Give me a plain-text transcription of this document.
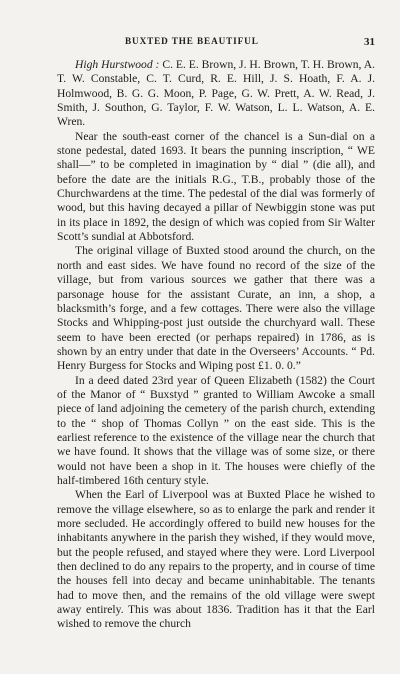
BUXTED THE BEAUTIFUL	31

High Hurstwood : C. E. E. Brown, J. H. Brown, T. H. Brown, A. T. W. Constable, C. T. Curd, R. E. Hill, J. S. Hoath, F. A. J. Holmwood, B. G. G. Moon, P. Page, G. W. Prett, A. W. Read, J. Smith, J. Southon, G. Taylor, F. W. Watson, L. L. Watson, A. E. Wren.

Near the south-east corner of the chancel is a Sun-dial on a stone pedestal, dated 1693. It bears the punning inscription, “ WE shall—” to be completed in imagination by “ dial ” (die all), and before the date are the initials R.G., T.B., probably those of the Churchwardens at the time. The pedestal of the dial was formerly of wood, but this having decayed a pillar of Newbiggin stone was put in its place in 1892, the design of which was copied from Sir Walter Scott’s sundial at Abbotsford.

The original village of Buxted stood around the church, on the north and east sides. We have found no record of the size of the village, but from various sources we gather that there was a parsonage house for the assistant Curate, an inn, a shop, a blacksmith’s forge, and a few cottages. There were also the village Stocks and Whipping-post just outside the churchyard wall. These seem to have been erected (or perhaps repaired) in 1786, as is shown by an entry under that date in the Overseers’ Accounts. “ Pd. Henry Burgess for Stocks and Wiping post £1. 0. 0.”

In a deed dated 23rd year of Queen Elizabeth (1582) the Court of the Manor of “ Buxstyd ” granted to William Awcoke a small piece of land adjoining the cemetery of the parish church, extending to the “ shop of Thomas Collyn ” on the east side. This is the earliest reference to the existence of the village near the church that we have found. It shows that the village was of some size, or there would not have been a shop in it. The houses were chiefly of the half-timbered 16th century style.

When the Earl of Liverpool was at Buxted Place he wished to remove the village elsewhere, so as to enlarge the park and render it more secluded. He accordingly offered to build new houses for the inhabitants anywhere in the parish they wished, if they would move, but the people refused, and stayed where they were. Lord Liverpool then declined to do any repairs to the property, and in course of time the houses fell into decay and became uninhabitable. The tenants had to move then, and the remains of the old village were swept away entirely. This was about 1836. Tradition has it that the Earl wished to remove the church
